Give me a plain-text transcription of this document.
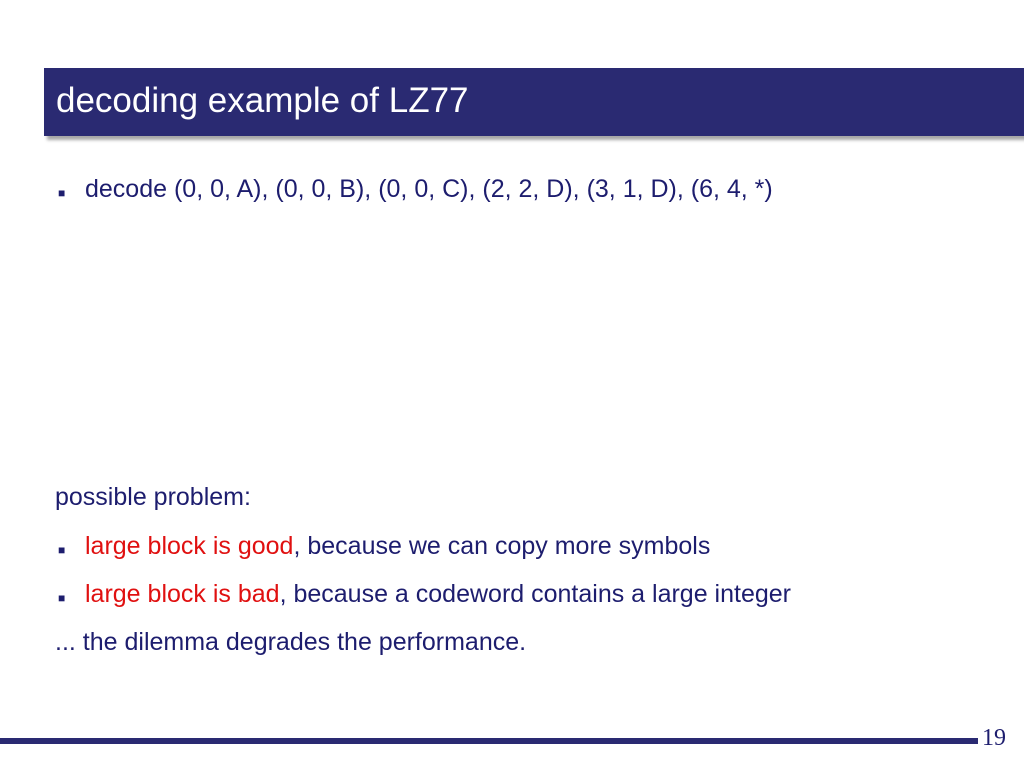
decoding example of LZ77
■ decode (0, 0, A), (0, 0, B), (0, 0, C), (2, 2, D), (3, 1, D), (6, 4, *)
possible problem:
■ large block is good, because we can copy more symbols
■ large block is bad, because a codeword contains a large integer
... the dilemma degrades the performance.
19
